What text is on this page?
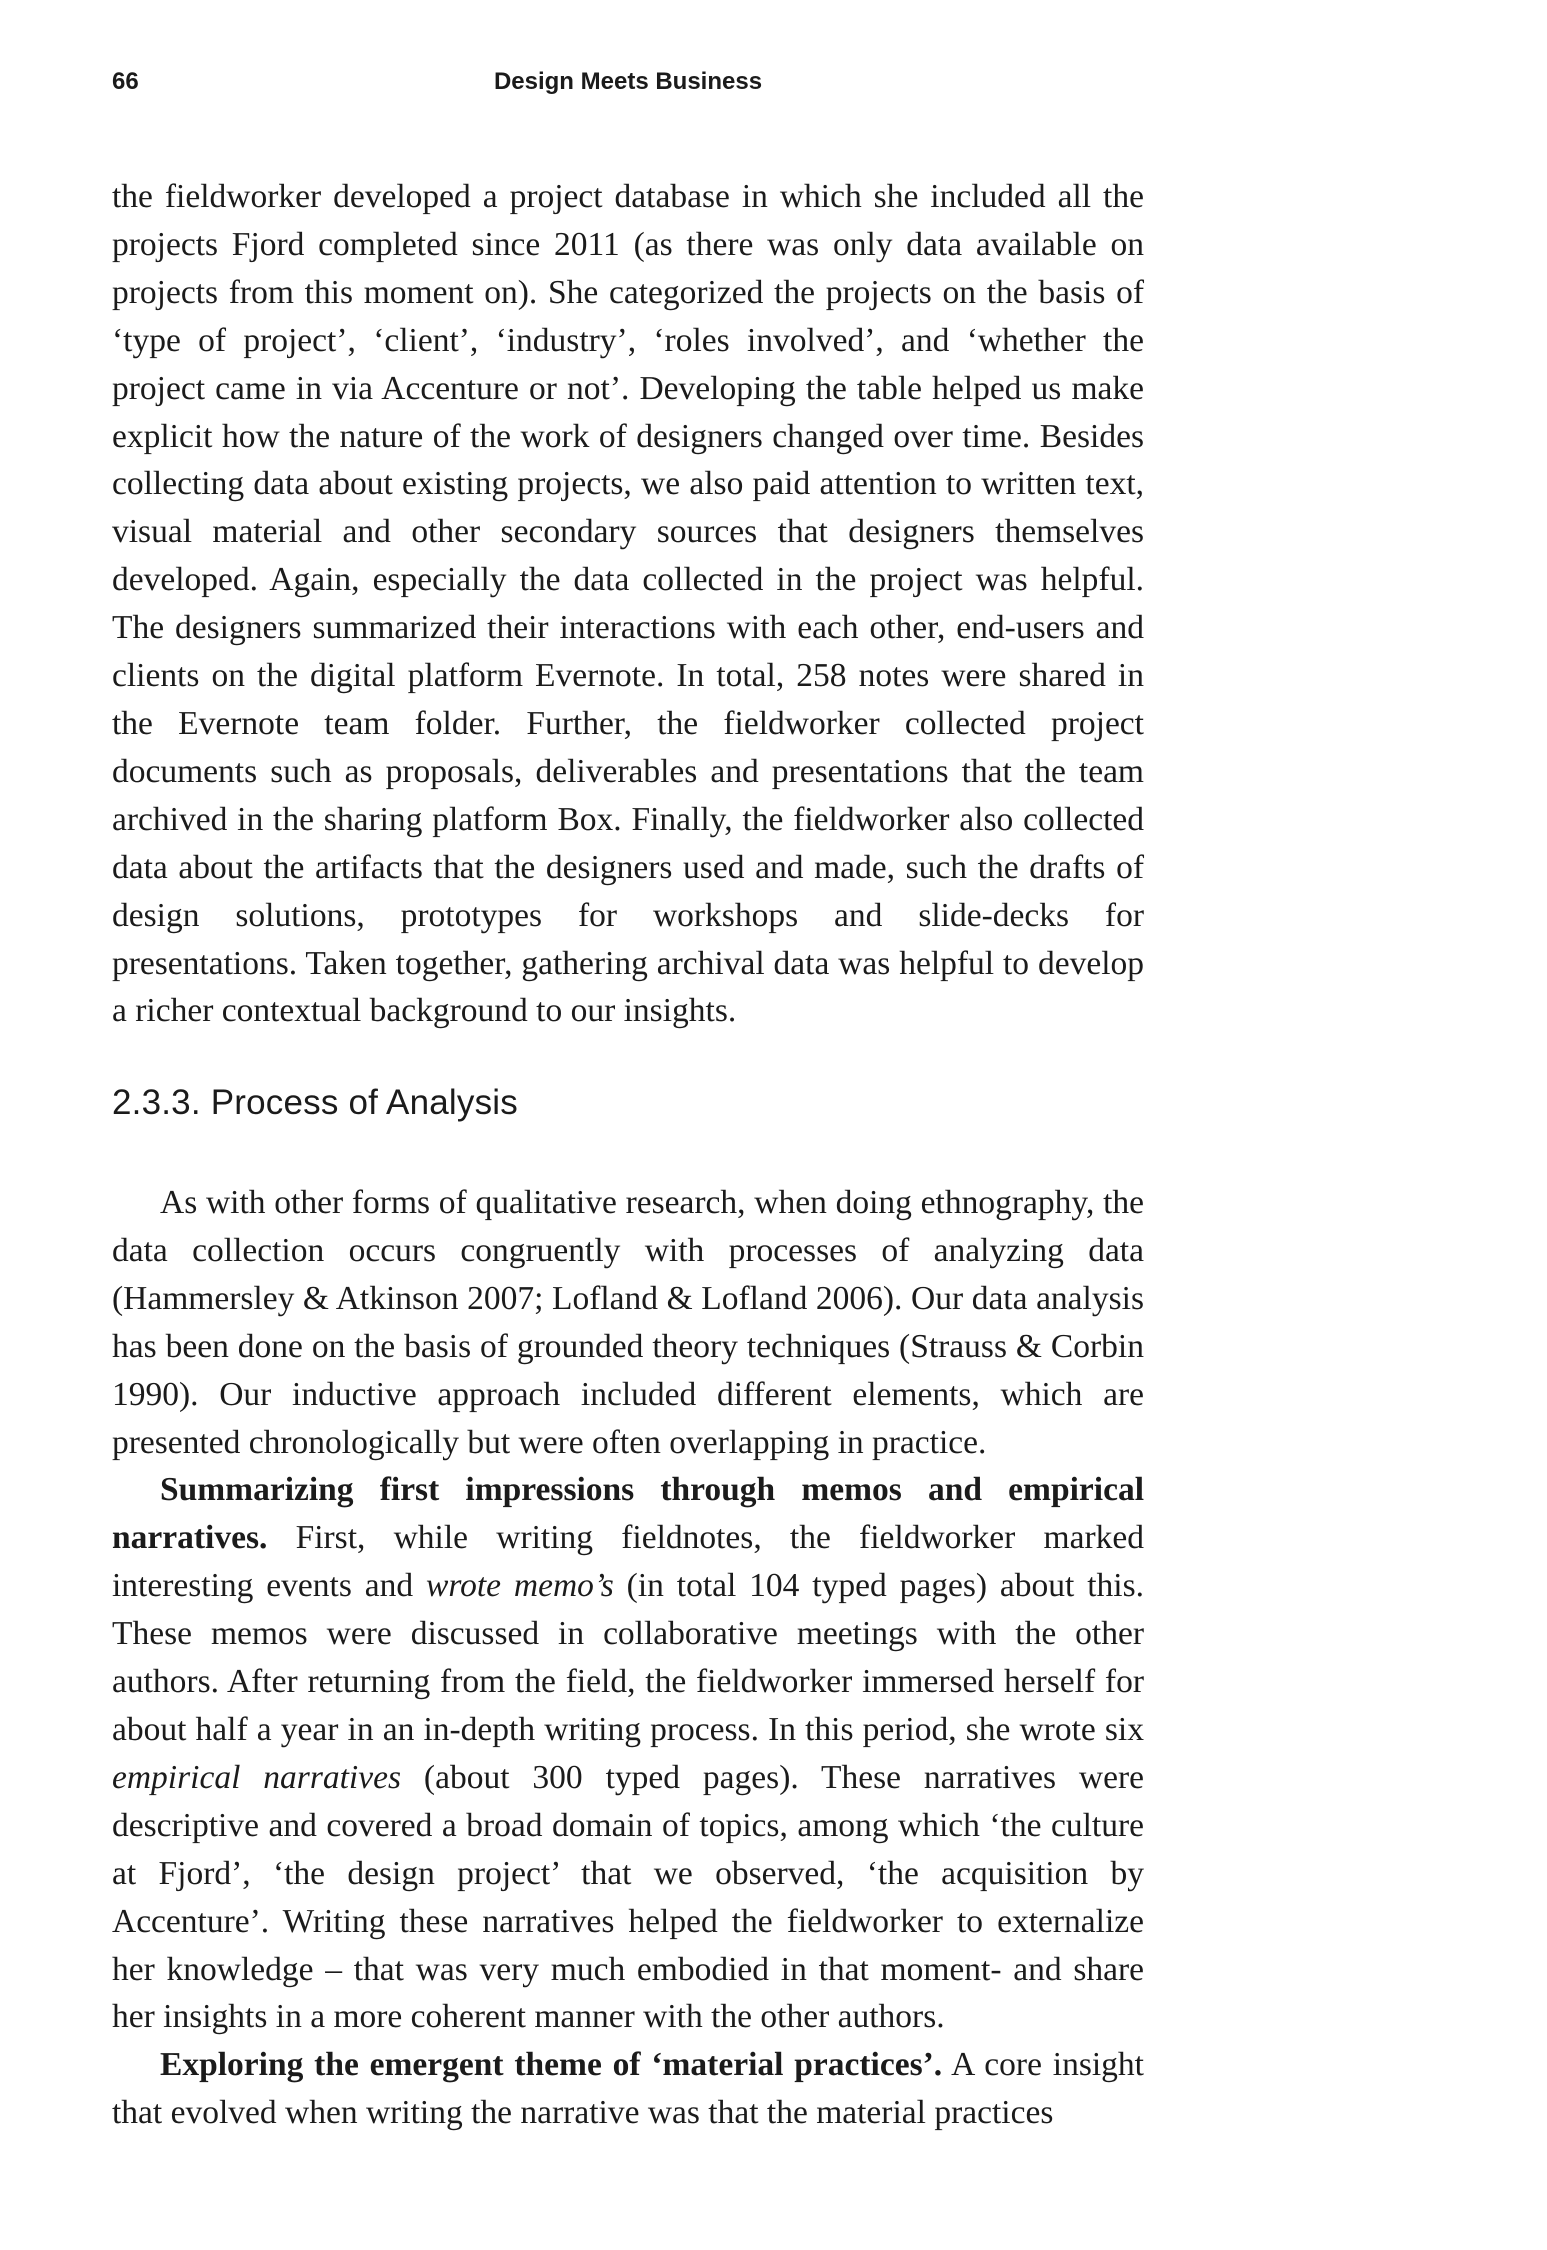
66	Design Meets Business

the fieldworker developed a project database in which she included all the projects Fjord completed since 2011 (as there was only data available on projects from this moment on). She categorized the projects on the basis of ‘type of project’, ‘client’, ‘industry’, ‘roles involved’, and ‘whether the project came in via Accenture or not’. Developing the table helped us make explicit how the nature of the work of designers changed over time. Besides collecting data about existing projects, we also paid attention to written text, visual material and other secondary sources that designers themselves developed. Again, especially the data collected in the project was helpful. The designers summarized their interactions with each other, end-users and clients on the digital platform Evernote. In total, 258 notes were shared in the Evernote team folder. Further, the fieldworker collected project documents such as proposals, deliverables and presentations that the team archived in the sharing platform Box. Finally, the fieldworker also collected data about the artifacts that the designers used and made, such the drafts of design solutions, prototypes for workshops and slide-decks for presentations. Taken together, gathering archival data was helpful to develop a richer contextual background to our insights.

2.3.3. Process of Analysis

As with other forms of qualitative research, when doing ethnography, the data collection occurs congruently with processes of analyzing data (Hammersley & Atkinson 2007; Lofland & Lofland 2006). Our data analysis has been done on the basis of grounded theory techniques (Strauss & Corbin 1990). Our inductive approach included different elements, which are presented chronologically but were often overlapping in practice.

Summarizing first impressions through memos and empirical narratives. First, while writing fieldnotes, the fieldworker marked interesting events and wrote memo’s (in total 104 typed pages) about this. These memos were discussed in collaborative meetings with the other authors. After returning from the field, the fieldworker immersed herself for about half a year in an in-depth writing process. In this period, she wrote six empirical narratives (about 300 typed pages). These narratives were descriptive and covered a broad domain of topics, among which ‘the culture at Fjord’, ‘the design project’ that we observed, ‘the acquisition by Accenture’. Writing these narratives helped the fieldworker to externalize her knowledge – that was very much embodied in that moment- and share her insights in a more coherent manner with the other authors.

Exploring the emergent theme of ‘material practices’. A core insight that evolved when writing the narrative was that the material practices
